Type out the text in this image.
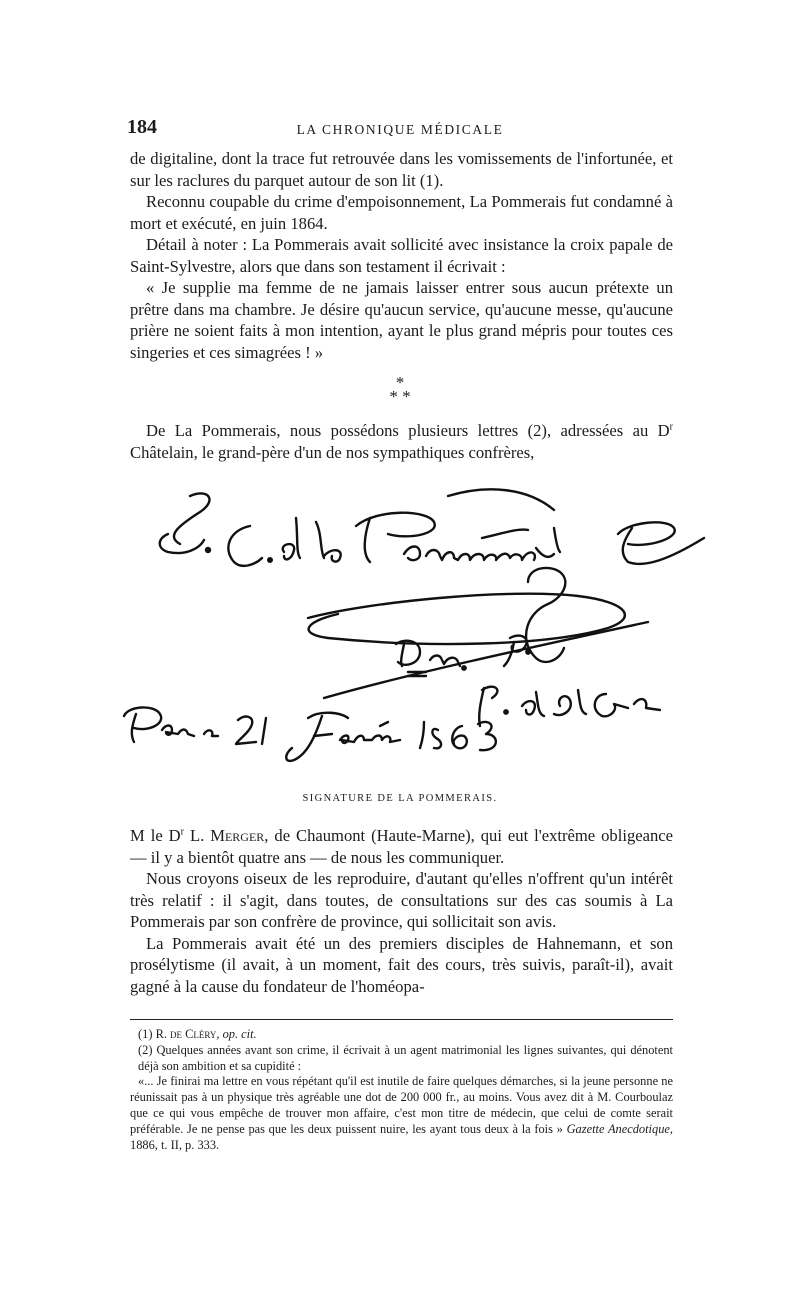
184	LA CHRONIQUE MÉDICALE

de digitaline, dont la trace fut retrouvée dans les vomissements de l'infortunée, et sur les raclures du parquet autour de son lit (1).

Reconnu coupable du crime d'empoisonnement, La Pommerais fut condamné à mort et exécuté, en juin 1864.

Détail à noter : La Pommerais avait sollicité avec insistance la croix papale de Saint-Sylvestre, alors que dans son testament il écrivait :

« Je supplie ma femme de ne jamais laisser entrer sous aucun prétexte un prêtre dans ma chambre. Je désire qu'aucun service, qu'aucune messe, qu'aucune prière ne soient faits à mon intention, ayant le plus grand mépris pour toutes ces singeries et ces simagrées ! »

*
* *

De La Pommerais, nous possédons plusieurs lettres (2), adressées au $D^r$ Châtelain, le grand-père d'un de nos sympathiques confrères,

SIGNATURE DE LA POMMERAIS.

M le $D^r$ L. Merger, de Chaumont (Haute-Marne), qui eut l'extrême obligeance — il y a bientôt quatre ans — de nous les communiquer.

Nous croyons oiseux de les reproduire, d'autant qu'elles n'offrent qu'un intérêt très relatif : il s'agit, dans toutes, de consultations sur des cas soumis à La Pommerais par son confrère de province, qui sollicitait son avis.

La Pommerais avait été un des premiers disciples de Hahnemann, et son prosélytisme (il avait, à un moment, fait des cours, très suivis, paraît-il), avait gagné à la cause du fondateur de l'homéopa-

(1) R. de Cléry, op. cit.

(2) Quelques années avant son crime, il écrivait à un agent matrimonial les lignes suivantes, qui dénotent déjà son ambition et sa cupidité :

«... Je finirai ma lettre en vous répétant qu'il est inutile de faire quelques démarches, si la jeune personne ne réunissait pas à un physique très agréable une dot de 200 000 fr., au moins. Vous avez dit à M. Courboulaz que ce qui vous empêche de trouver mon affaire, c'est mon titre de médecin, que celui de comte serait préférable. Je ne pense pas que les deux puissent nuire, les ayant tous deux à la fois » Gazette Anecdotique, 1886, t. II, p. 333.
